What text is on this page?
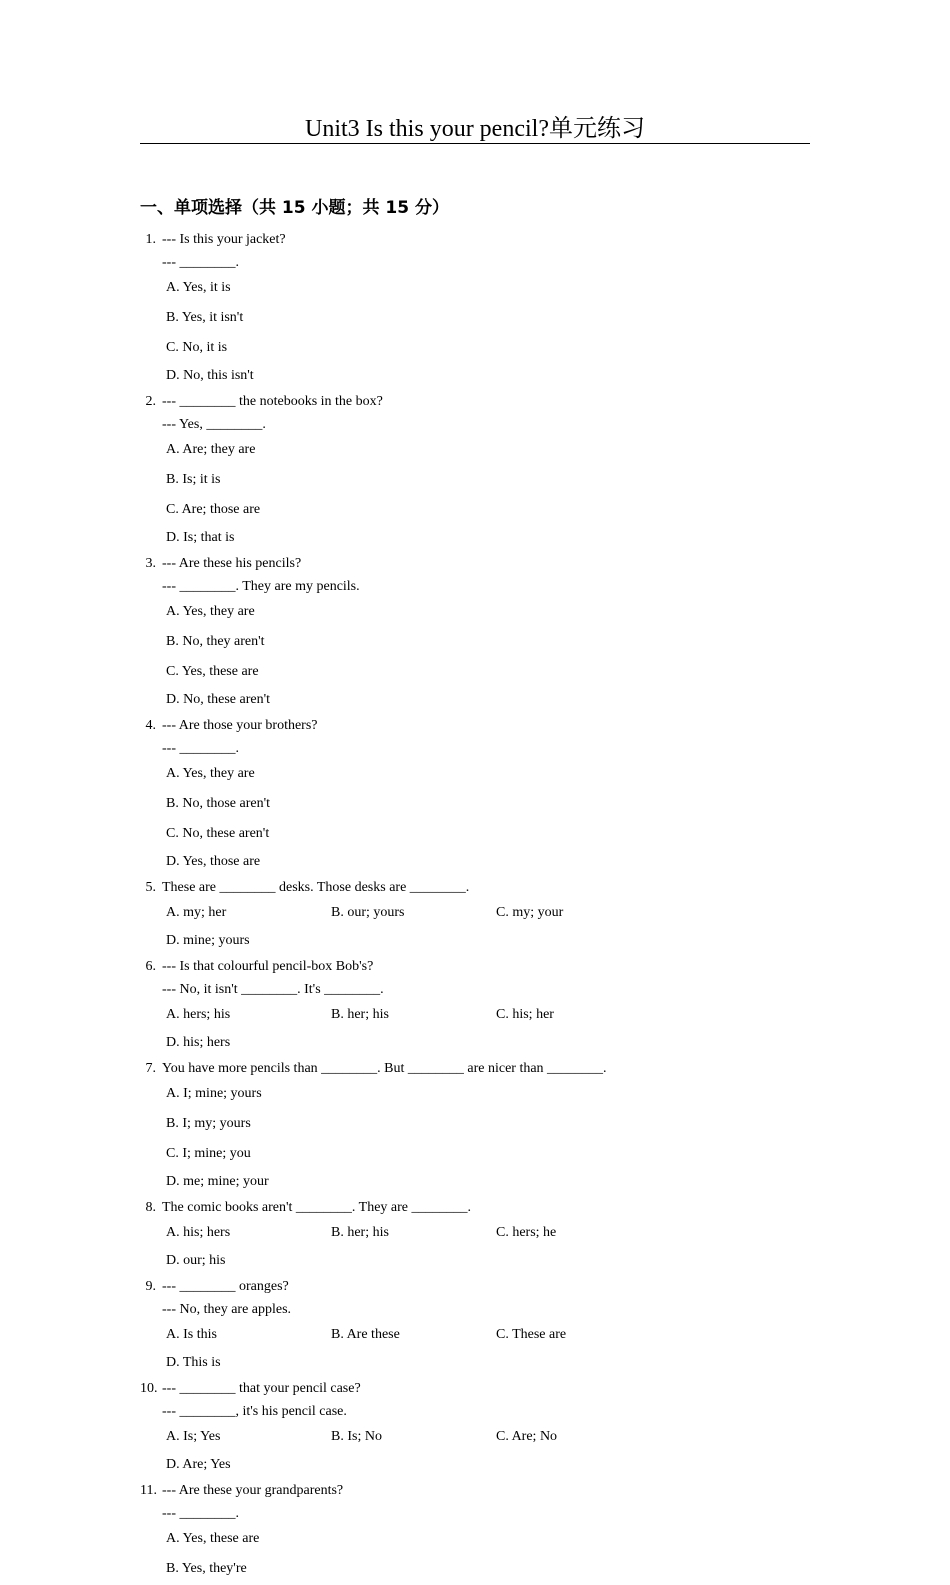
Unit3 Is this your pencil?单元练习
一、单项选择（共 15 小题；共 15 分）
1. --- Is this your jacket?
--- ________.
A. Yes, it is
B. Yes, it isn't
C. No, it is
D. No, this isn't
2. --- ________ the notebooks in the box?
--- Yes, ________.
A. Are; they are
B. Is; it is
C. Are; those are
D. Is; that is
3. --- Are these his pencils?
--- ________. They are my pencils.
A. Yes, they are
B. No, they aren't
C. Yes, these are
D. No, these aren't
4. --- Are those your brothers?
--- ________.
A. Yes, they are
B. No, those aren't
C. No, these aren't
D. Yes, those are
5. These are ________ desks. Those desks are ________.
A. my; her	B. our; yours	C. my; your
D. mine; yours
6. --- Is that colourful pencil-box Bob's?
--- No, it isn't ________. It's ________.
A. hers; his	B. her; his	C. his; her
D. his; hers
7. You have more pencils than ________. But ________ are nicer than ________.
A. I; mine; yours
B. I; my; yours
C. I; mine; you
D. me; mine; your
8. The comic books aren't ________. They are ________.
A. his; hers	B. her; his	C. hers; he
D. our; his
9. --- ________ oranges?
--- No, they are apples.
A. Is this	B. Are these	C. These are
D. This is
10. --- ________ that your pencil case?
--- ________, it's his pencil case.
A. Is; Yes	B. Is; No	C. Are; No
D. Are; Yes
11. --- Are these your grandparents?
--- ________.
A. Yes, these are
B. Yes, they're
